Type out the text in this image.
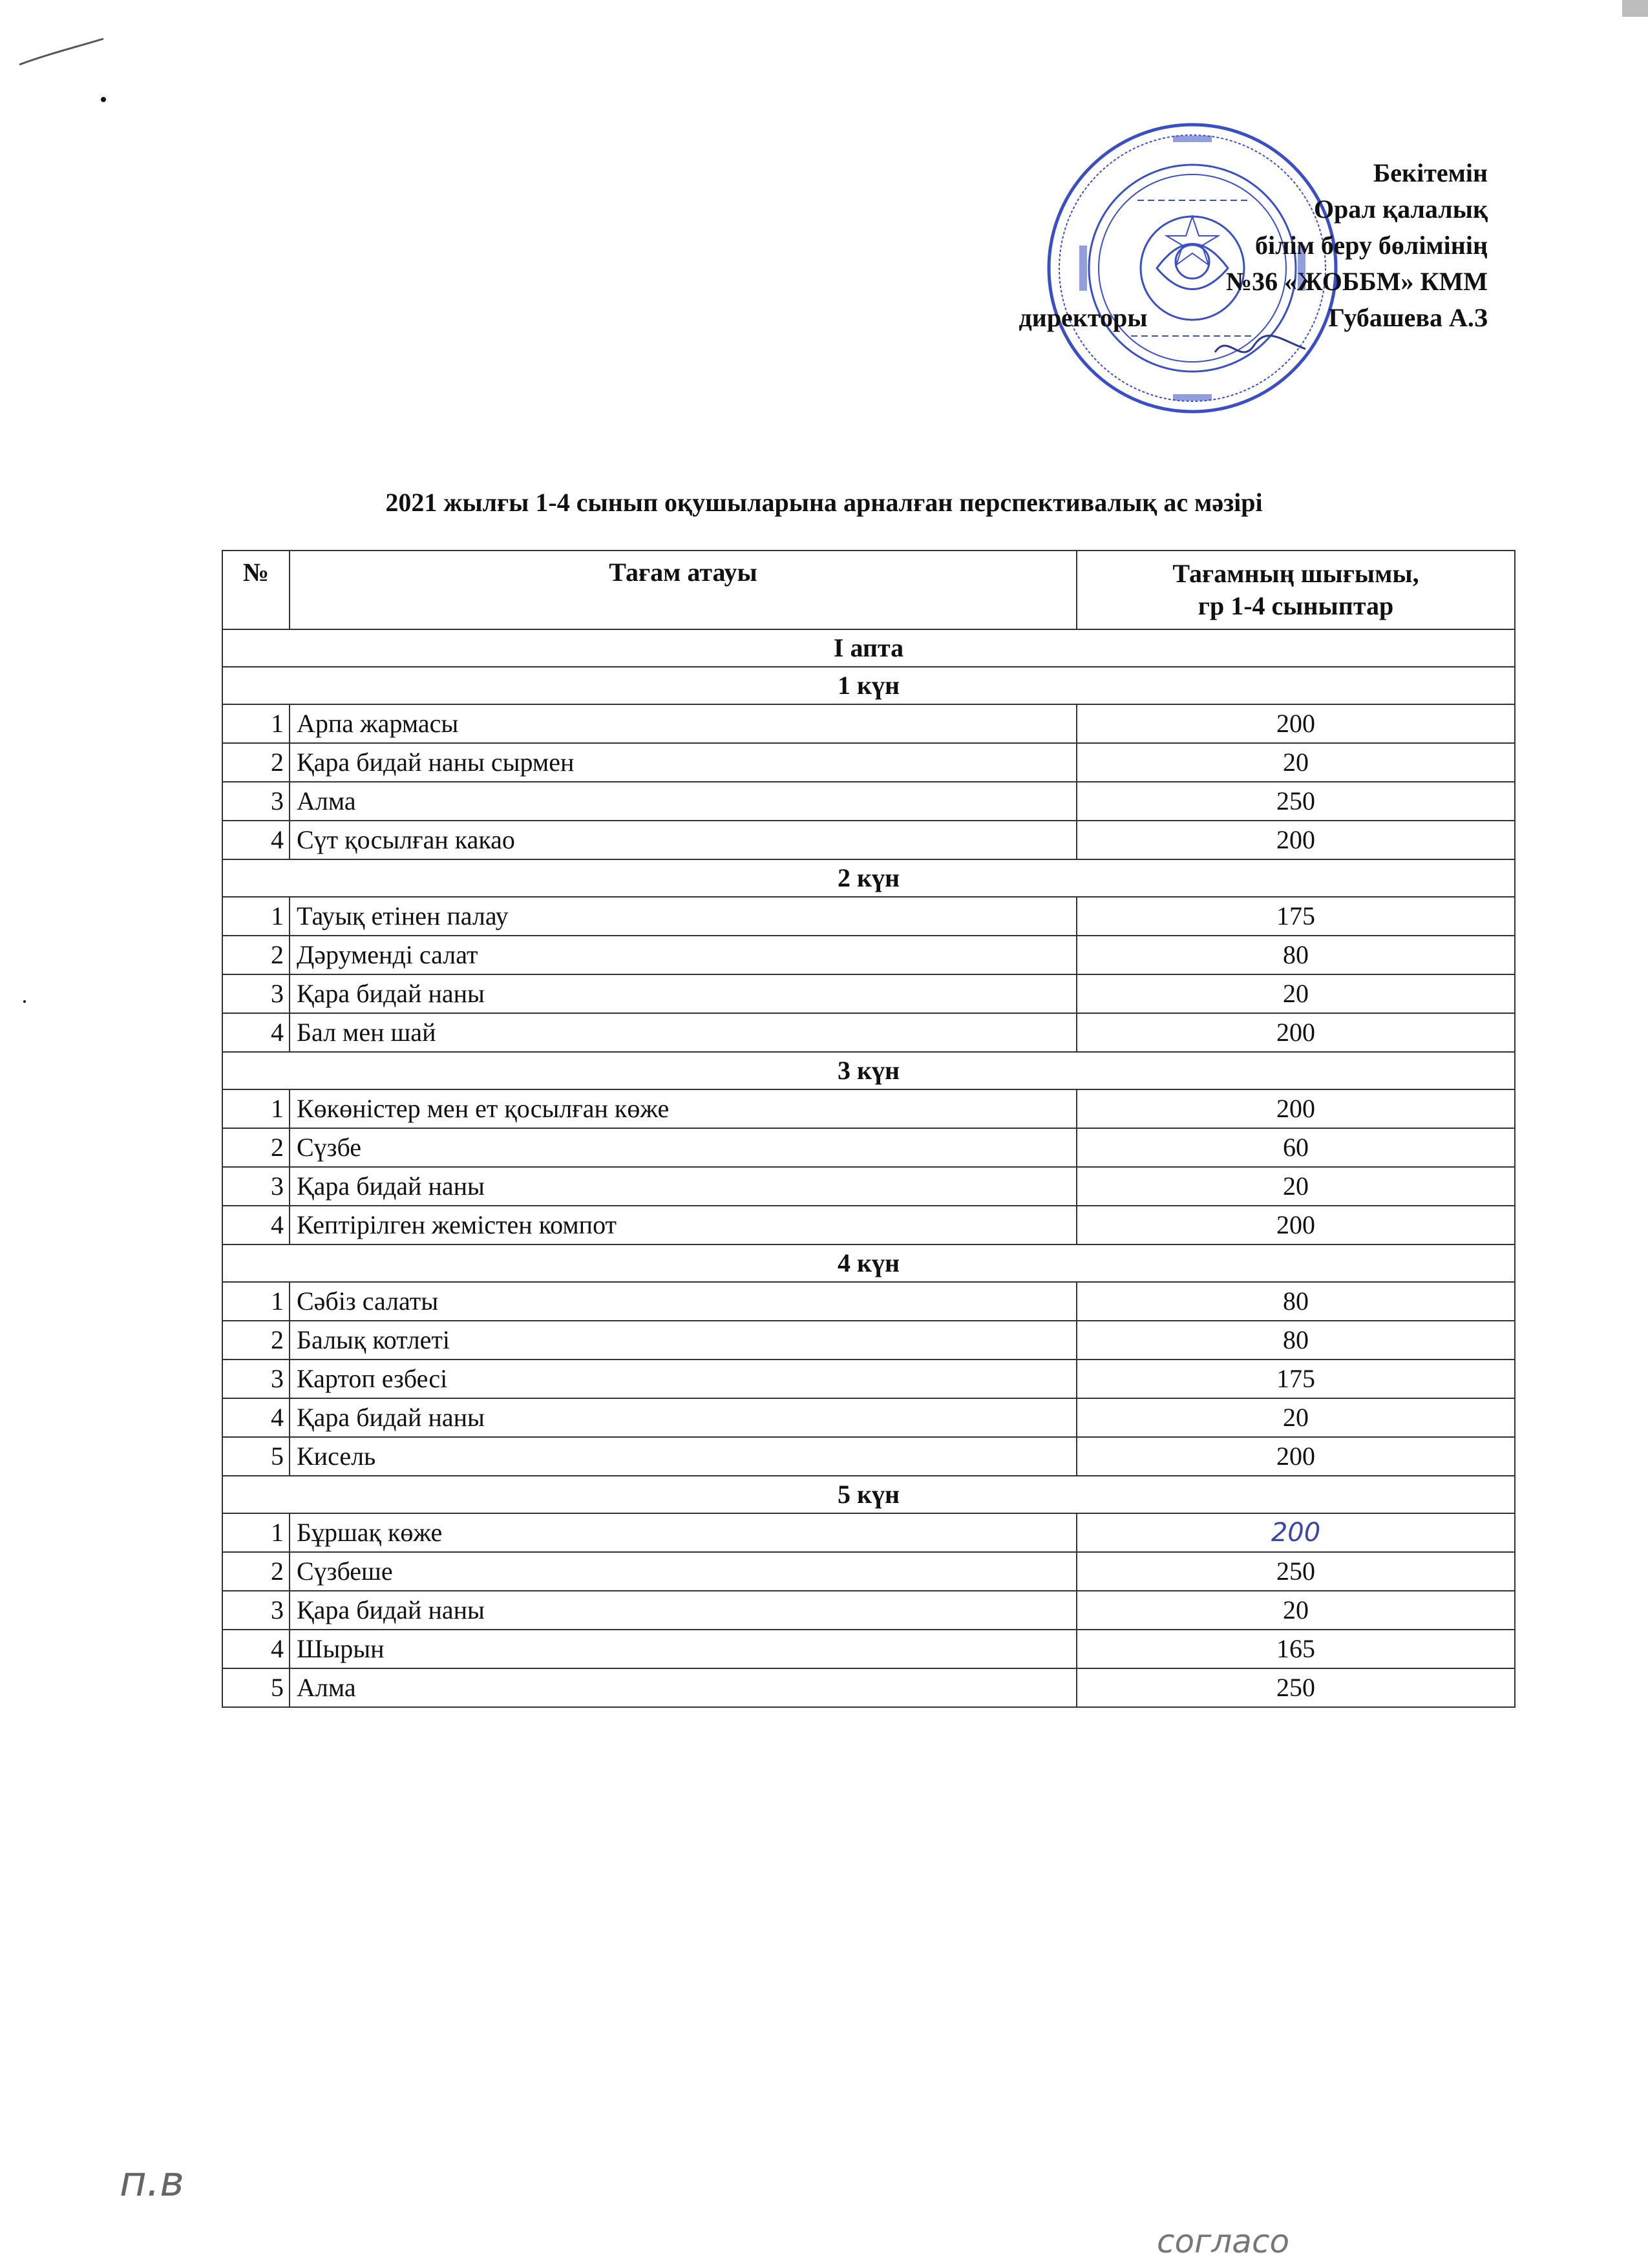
Бекітемін
Орал қалалық
білім беру бөлімінің
№36 «ЖОББМ» КММ
директоры	Губашева А.З
2021 жылғы 1-4 сынып оқушыларына арналған перспективалық ас мәзірі
№	Тағам атауы	Тағамның шығымы,
гр 1-4 сыныптар

I апта		
1 күн		
1	Арпа жармасы	200
2	Қара бидай наны сырмен	20
3	Алма	250
4	Сүт қосылған какао	200
2 күн		
1	Тауық етінен палау	175
2	Дәруменді салат	80
3	Қара бидай наны	20
4	Бал мен шай	200
3 күн		
1	Көкөністер мен ет қосылған көже	200
2	Сүзбе	60
3	Қара бидай наны	20
4	Кептірілген жемістен компот	200
4 күн		
1	Сәбіз салаты	80
2	Балық котлеті	80
3	Картоп езбесі	175
4	Қара бидай наны	20
5	Кисель	200
5 күн		
1	Бұршақ көже	200
2	Сүзбеше	250
3	Қара бидай наны	20
4	Шырын	165
5	Алма	250
п.в
согласо
